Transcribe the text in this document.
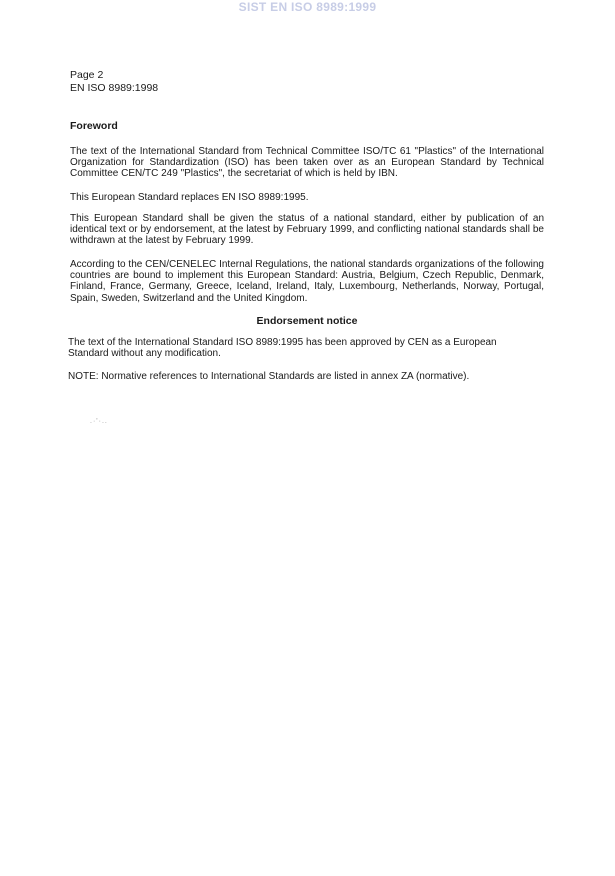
SIST EN ISO 8989:1999
Page 2
EN ISO 8989:1998
Foreword
The text of the International Standard from Technical Committee ISO/TC 61 "Plastics" of the International Organization for Standardization (ISO) has been taken over as an European Standard by Technical Committee CEN/TC 249 "Plastics", the secretariat of which is held by IBN.
This European Standard replaces EN ISO 8989:1995.
This European Standard shall be given the status of a national standard, either by publication of an identical text or by endorsement, at the latest by February 1999, and conflicting national standards shall be withdrawn at the latest by February 1999.
According to the CEN/CENELEC Internal Regulations, the national standards organizations of the following countries are bound to implement this European Standard: Austria, Belgium, Czech Republic, Denmark, Finland, France, Germany, Greece, Iceland, Ireland, Italy, Luxembourg, Netherlands, Norway, Portugal, Spain, Sweden, Switzerland and the United Kingdom.
Endorsement notice
The text of the International Standard ISO 8989:1995 has been approved by CEN as a European Standard without any modification.
NOTE: Normative references to International Standards are listed in annex ZA (normative).
.·'·..
